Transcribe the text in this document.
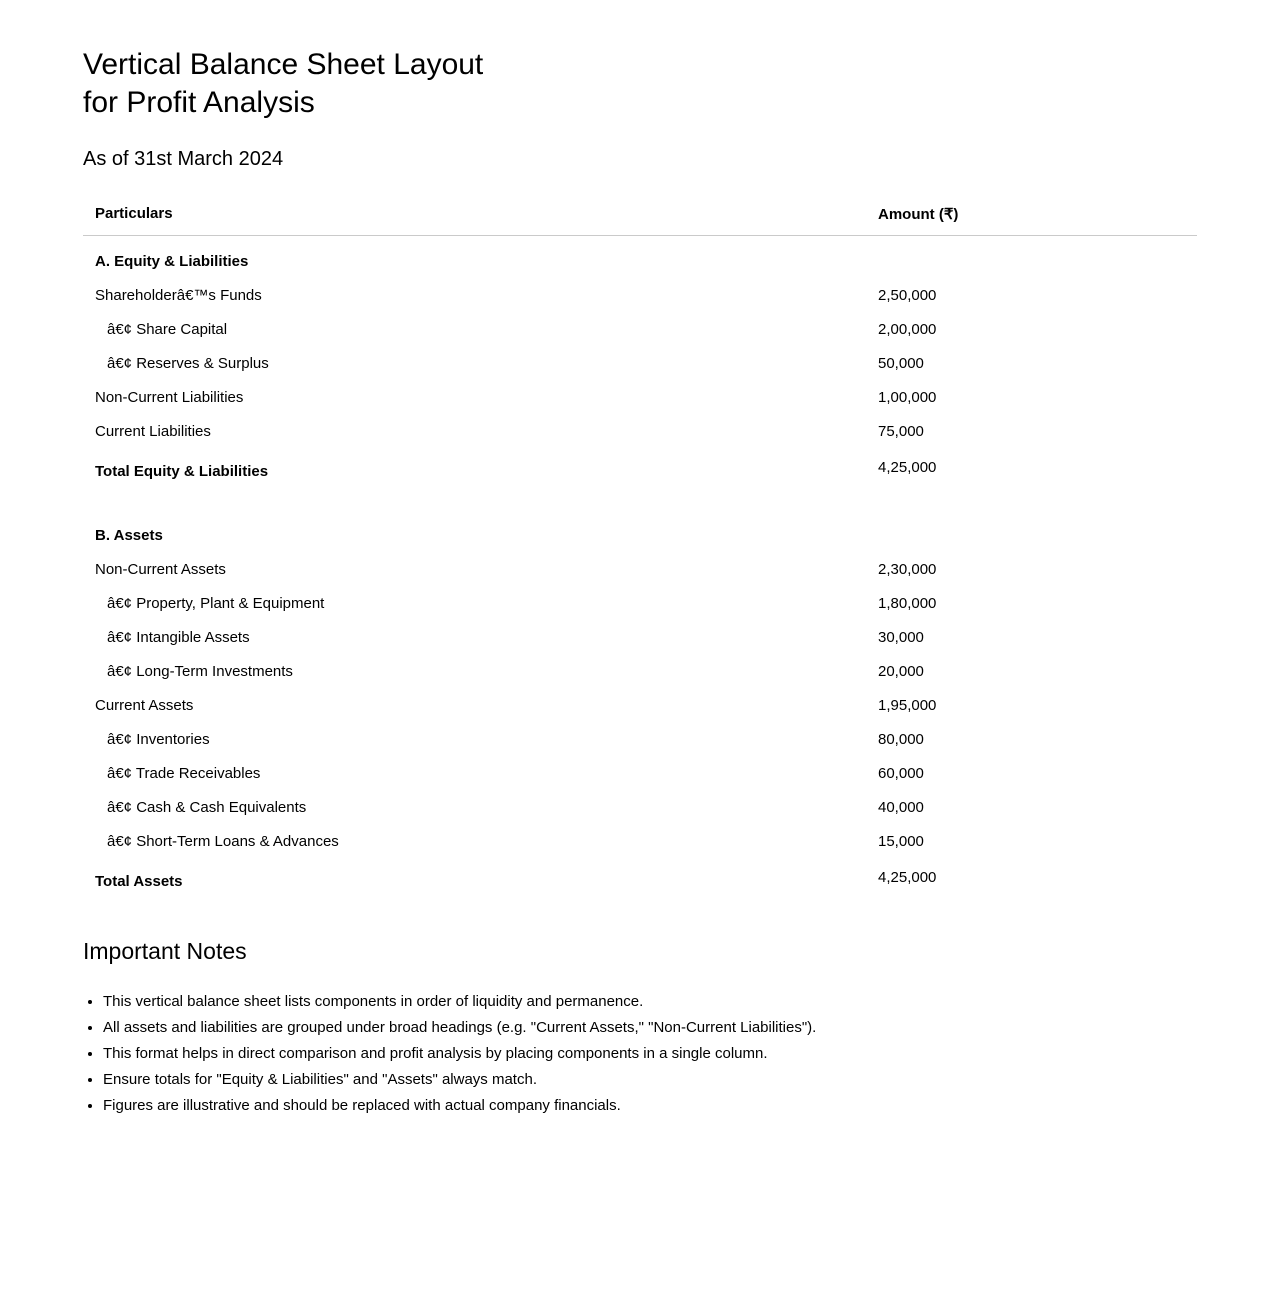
Vertical Balance Sheet Layout
for Profit Analysis
As of 31st March 2024
Particulars	Amount (₹)
A. Equity & Liabilities
Shareholderâ€™s Funds	2,50,000
â€¢ Share Capital	2,00,000
â€¢ Reserves & Surplus	50,000
Non-Current Liabilities	1,00,000
Current Liabilities	75,000
Total Equity & Liabilities	4,25,000
B. Assets
Non-Current Assets	2,30,000
â€¢ Property, Plant & Equipment	1,80,000
â€¢ Intangible Assets	30,000
â€¢ Long-Term Investments	20,000
Current Assets	1,95,000
â€¢ Inventories	80,000
â€¢ Trade Receivables	60,000
â€¢ Cash & Cash Equivalents	40,000
â€¢ Short-Term Loans & Advances	15,000
Total Assets	4,25,000
Important Notes
• This vertical balance sheet lists components in order of liquidity and permanence.
• All assets and liabilities are grouped under broad headings (e.g. "Current Assets," "Non-Current Liabilities").
• This format helps in direct comparison and profit analysis by placing components in a single column.
• Ensure totals for "Equity & Liabilities" and "Assets" always match.
• Figures are illustrative and should be replaced with actual company financials.
